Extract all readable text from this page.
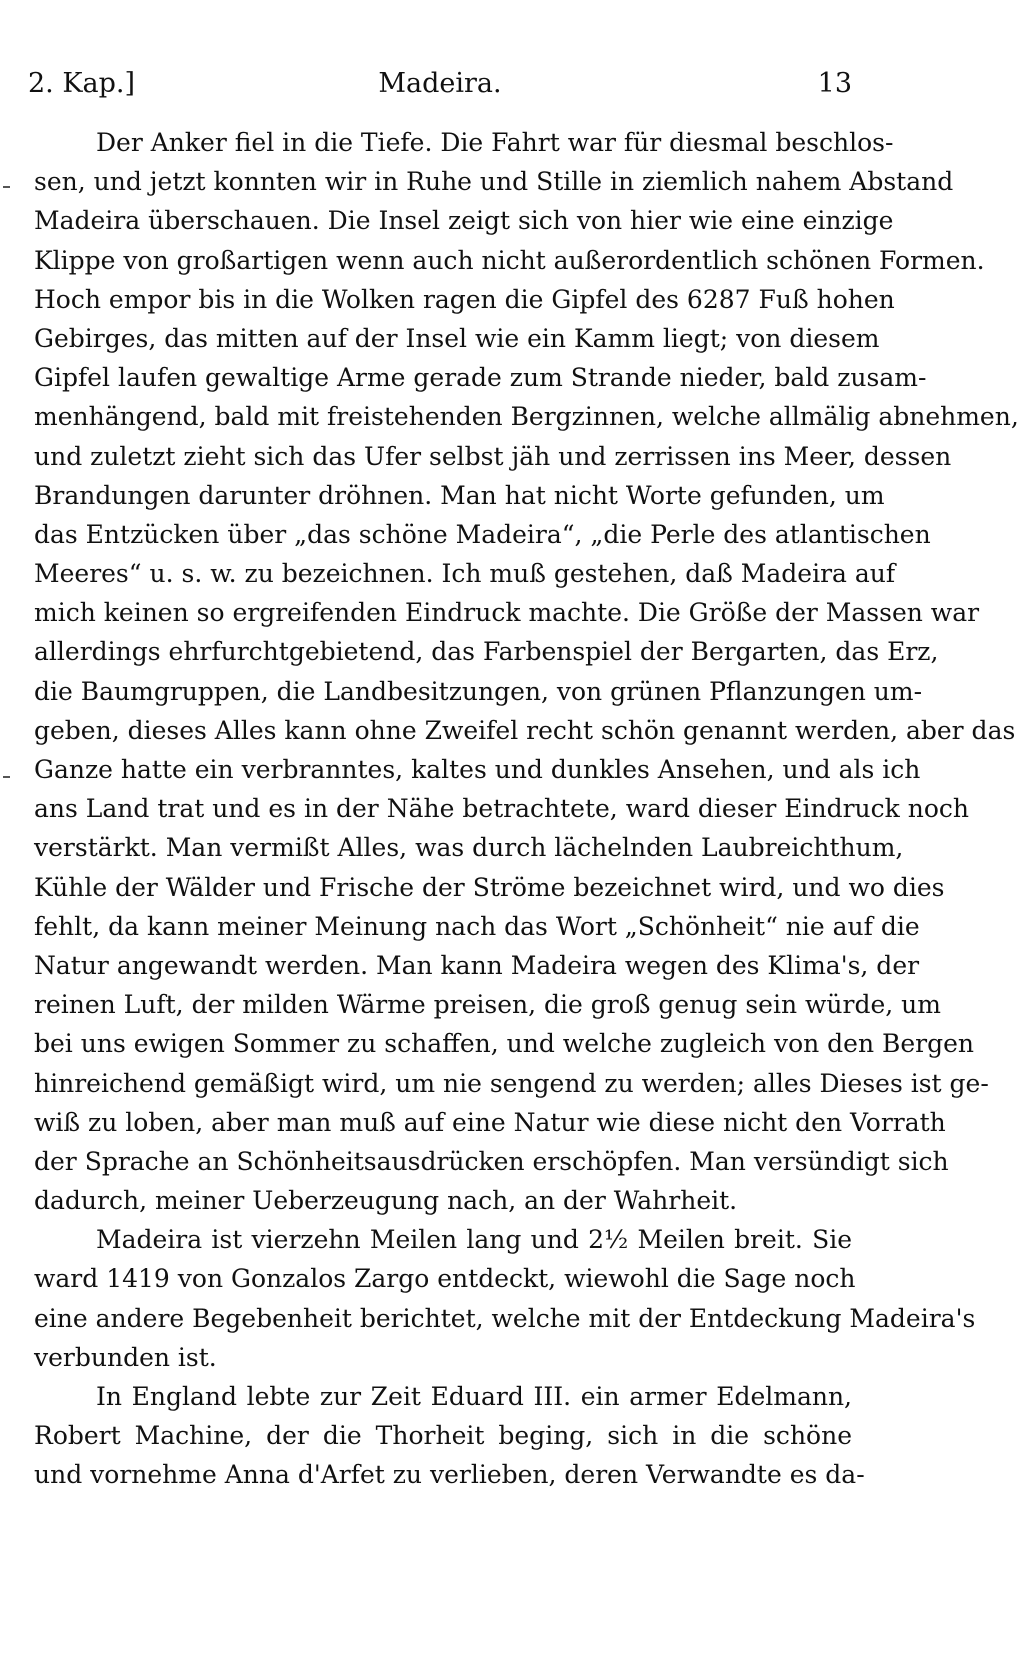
2. Kap.]	Madeira.	13
Der Anker fiel in die Tiefe. Die Fahrt war für diesmal beschlos-
sen, und jetzt konnten wir in Ruhe und Stille in ziemlich nahem Abstand
Madeira überschauen. Die Insel zeigt sich von hier wie eine einzige
Klippe von großartigen wenn auch nicht außerordentlich schönen Formen.
Hoch empor bis in die Wolken ragen die Gipfel des 6287 Fuß hohen
Gebirges, das mitten auf der Insel wie ein Kamm liegt; von diesem
Gipfel laufen gewaltige Arme gerade zum Strande nieder, bald zusam-
menhängend, bald mit freistehenden Bergzinnen, welche allmälig abnehmen,
und zuletzt zieht sich das Ufer selbst jäh und zerrissen ins Meer, dessen
Brandungen darunter dröhnen. Man hat nicht Worte gefunden, um
das Entzücken über „das schöne Madeira“, „die Perle des atlantischen
Meeres“ u. s. w. zu bezeichnen. Ich muß gestehen, daß Madeira auf
mich keinen so ergreifenden Eindruck machte. Die Größe der Massen war
allerdings ehrfurchtgebietend, das Farbenspiel der Bergarten, das Erz,
die Baumgruppen, die Landbesitzungen, von grünen Pflanzungen um-
geben, dieses Alles kann ohne Zweifel recht schön genannt werden, aber das
Ganze hatte ein verbranntes, kaltes und dunkles Ansehen, und als ich
ans Land trat und es in der Nähe betrachtete, ward dieser Eindruck noch
verstärkt. Man vermißt Alles, was durch lächelnden Laubreichthum,
Kühle der Wälder und Frische der Ströme bezeichnet wird, und wo dies
fehlt, da kann meiner Meinung nach das Wort „Schönheit“ nie auf die
Natur angewandt werden. Man kann Madeira wegen des Klima's, der
reinen Luft, der milden Wärme preisen, die groß genug sein würde, um
bei uns ewigen Sommer zu schaffen, und welche zugleich von den Bergen
hinreichend gemäßigt wird, um nie sengend zu werden; alles Dieses ist ge-
wiß zu loben, aber man muß auf eine Natur wie diese nicht den Vorrath
der Sprache an Schönheitsausdrücken erschöpfen. Man versündigt sich
dadurch, meiner Ueberzeugung nach, an der Wahrheit.
Madeira ist vierzehn Meilen lang und 2½ Meilen breit. Sie
ward 1419 von Gonzalos Zargo entdeckt, wiewohl die Sage noch
eine andere Begebenheit berichtet, welche mit der Entdeckung Madeira's
verbunden ist.
In England lebte zur Zeit Eduard III. ein armer Edelmann,
Robert Machine, der die Thorheit beging, sich in die schöne
und vornehme Anna d'Arfet zu verlieben, deren Verwandte es da-
